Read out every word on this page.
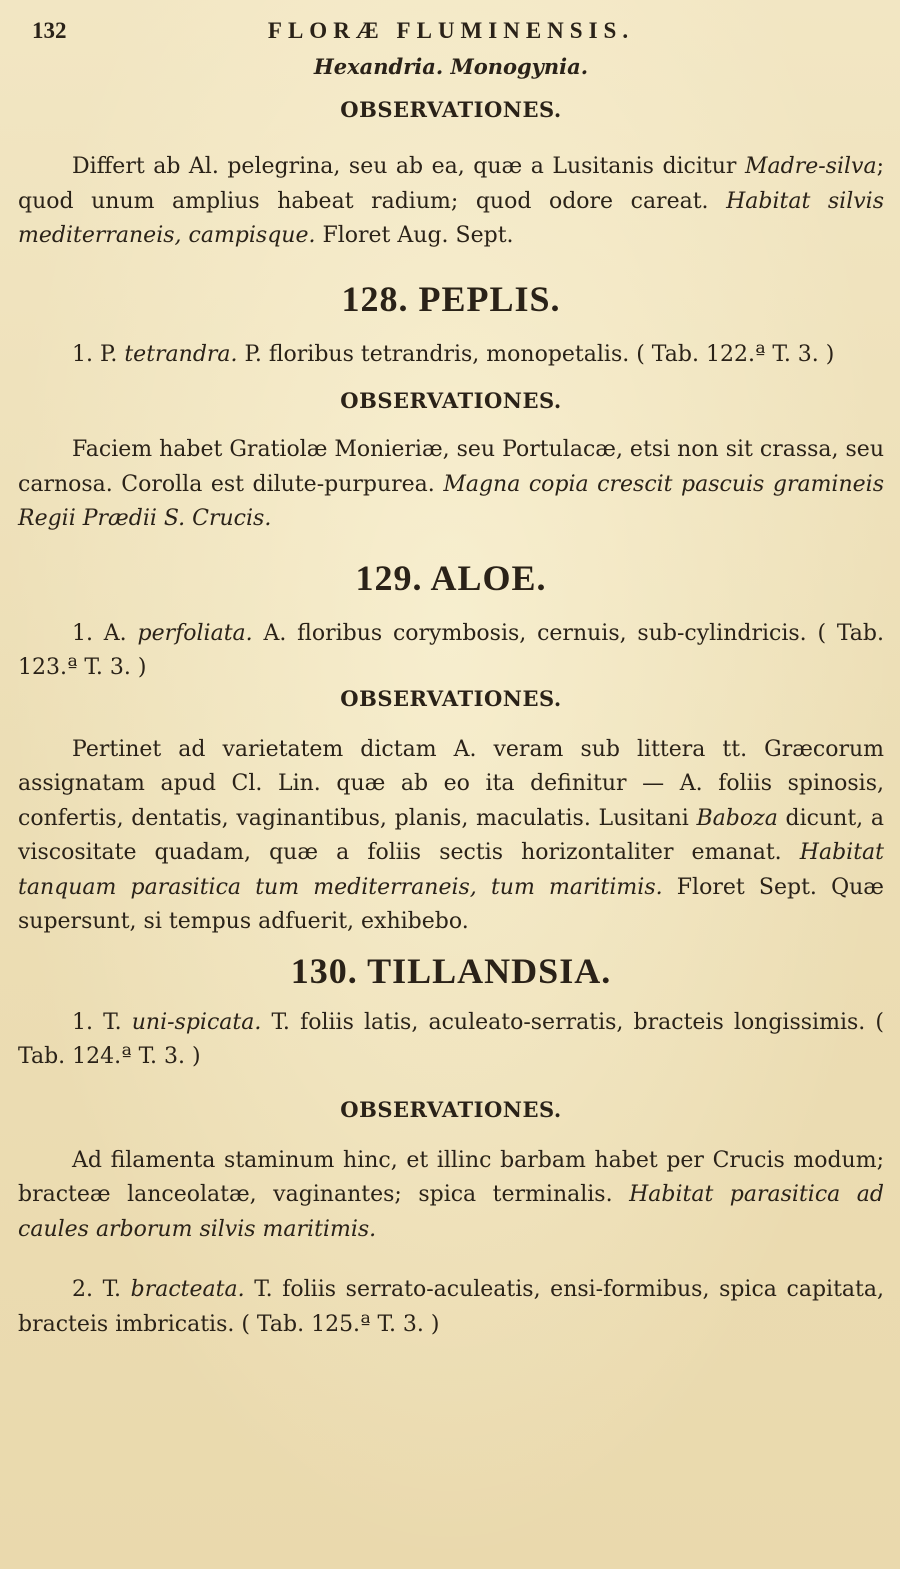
132	FLORÆ FLUMINENSIS.
Hexandria. Monogynia.
OBSERVATIONES.

Differt ab Al. pelegrina, seu ab ea, quæ a Lusitanis dicitur Madre-silva; quod unum amplius habeat radium; quod odore careat. Habitat silvis mediterraneis, campisque. Floret Aug. Sept.

128. PEPLIS.

1. P. tetrandra. P. floribus tetrandris, monopetalis. ( Tab. 122.ª T. 3. )

OBSERVATIONES.

Faciem habet Gratiolæ Monieriæ, seu Portulacæ, etsi non sit crassa, seu carnosa. Corolla est dilute-purpurea. Magna copia crescit pascuis gramineis Regii Prædii S. Crucis.

129. ALOE.

1. A. perfoliata. A. floribus corymbosis, cernuis, sub-cylindricis. ( Tab. 123.ª T. 3. )

OBSERVATIONES.

Pertinet ad varietatem dictam A. veram sub littera tt. Græcorum assignatam apud Cl. Lin. quæ ab eo ita definitur — A. foliis spinosis, confertis, dentatis, vaginantibus, planis, maculatis. Lusitani Baboza dicunt, a viscositate quadam, quæ a foliis sectis horizontaliter emanat. Habitat tanquam parasitica tum mediterraneis, tum maritimis. Floret Sept. Quæ supersunt, si tempus adfuerit, exhibebo.

130. TILLANDSIA.

1. T. uni-spicata. T. foliis latis, aculeato-serratis, bracteis longissimis. ( Tab. 124.ª T. 3. )

OBSERVATIONES.

Ad filamenta staminum hinc, et illinc barbam habet per Crucis modum; bracteæ lanceolatæ, vaginantes; spica terminalis. Habitat parasitica ad caules arborum silvis maritimis.

2. T. bracteata. T. foliis serrato-aculeatis, ensi-formibus, spica capitata, bracteis imbricatis. ( Tab. 125.ª T. 3. )
